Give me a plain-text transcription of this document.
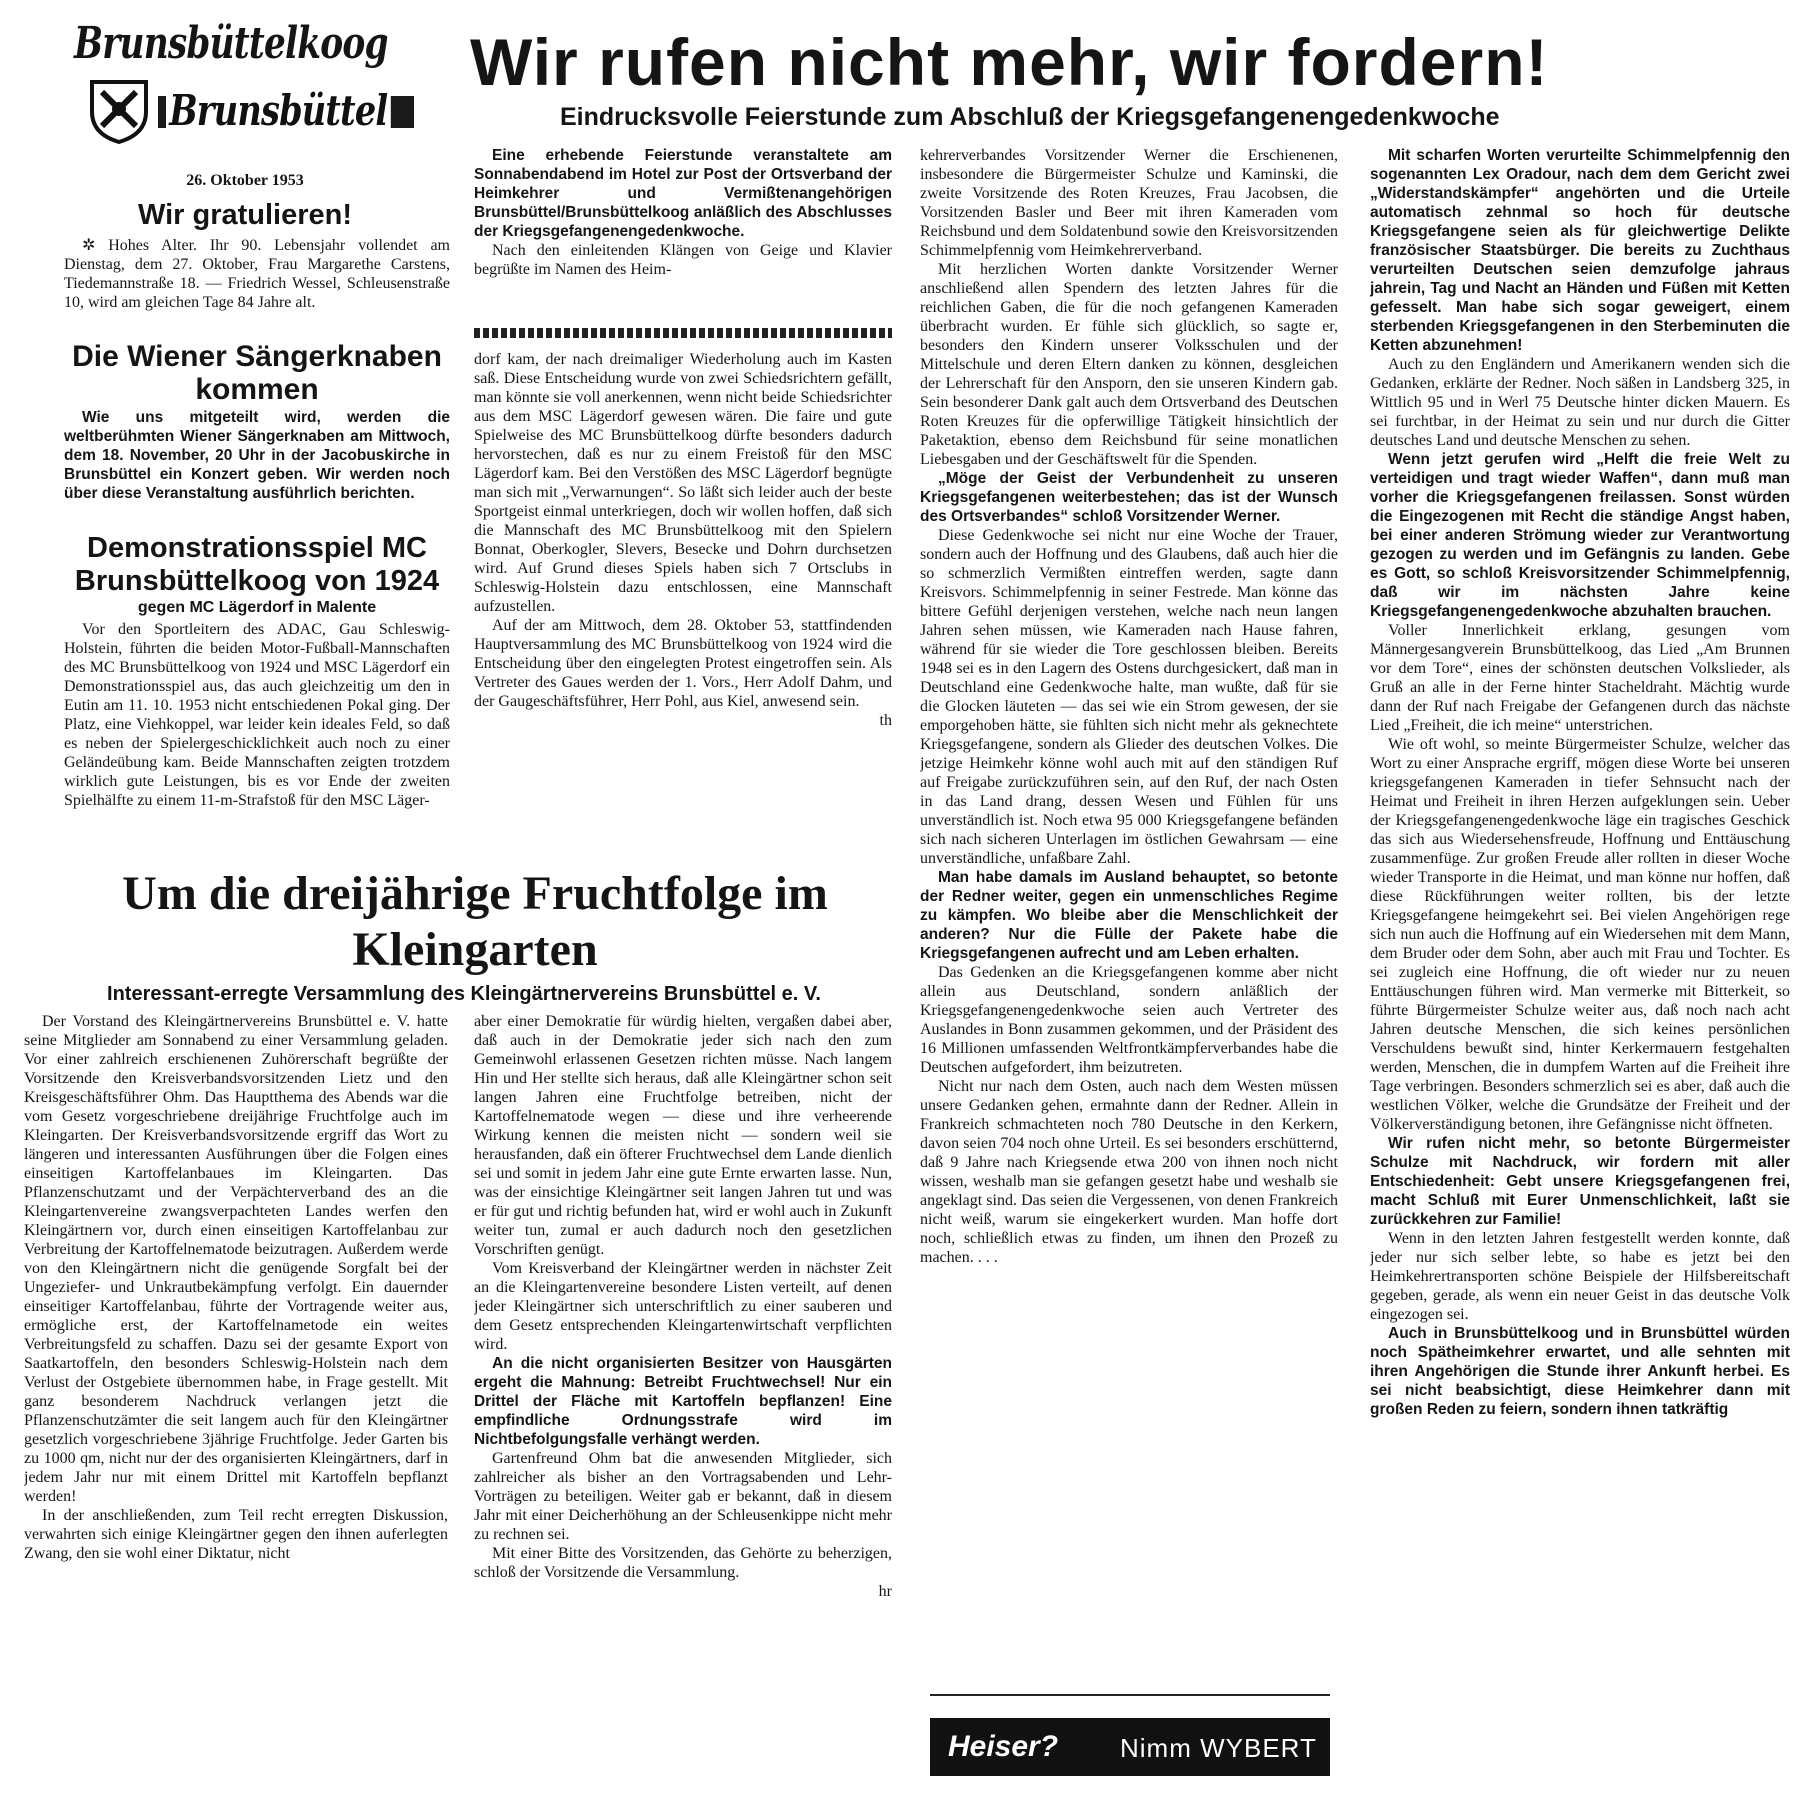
Brunsbüttelkoog
Brunsbüttel
26. Oktober 1953
Wir rufen nicht mehr, wir fordern!
Eindrucksvolle Feierstunde zum Abschluß der Kriegsgefangenengedenkwoche
Wir gratulieren!

✲ Hohes Alter. Ihr 90. Lebensjahr vollendet am Dienstag, dem 27. Oktober, Frau Margarethe Carstens, Tiedemannstraße 18. — Friedrich Wessel, Schleusenstraße 10, wird am gleichen Tage 84 Jahre alt.

Die Wiener Sängerknaben kommen

Wie uns mitgeteilt wird, werden die weltberühmten Wiener Sängerknaben am Mittwoch, dem 18. November, 20 Uhr in der Jacobuskirche in Brunsbüttel ein Konzert geben. Wir werden noch über diese Veranstaltung ausführlich berichten.

Demonstrationsspiel MC Brunsbüttelkoog von 1924
gegen MC Lägerdorf in Malente

Vor den Sportleitern des ADAC, Gau Schleswig-Holstein, führten die beiden Motor-Fußball-Mannschaften des MC Brunsbüttelkoog von 1924 und MSC Lägerdorf ein Demonstrationsspiel aus, das auch gleichzeitig um den in Eutin am 11. 10. 1953 nicht entschiedenen Pokal ging. Der Platz, eine Viehkoppel, war leider kein ideales Feld, so daß es neben der Spielergeschicklichkeit auch noch zu einer Geländeübung kam. Beide Mannschaften zeigten trotzdem wirklich gute Leistungen, bis es vor Ende der zweiten Spielhälfte zu einem 11-m-Strafstoß für den MSC Läger-

Eine erhebende Feierstunde veranstaltete am Sonnabendabend im Hotel zur Post der Ortsverband der Heimkehrer und Vermißtenangehörigen Brunsbüttel/Brunsbüttelkoog anläßlich des Abschlusses der Kriegsgefangenengedenkwoche.

Nach den einleitenden Klängen von Geige und Klavier begrüßte im Namen des Heim-

dorf kam, der nach dreimaliger Wiederholung auch im Kasten saß. Diese Entscheidung wurde von zwei Schiedsrichtern gefällt, man könnte sie voll anerkennen, wenn nicht beide Schiedsrichter aus dem MSC Lägerdorf gewesen wären. Die faire und gute Spielweise des MC Brunsbüttelkoog dürfte besonders dadurch hervorstechen, daß es nur zu einem Freistoß für den MSC Lägerdorf kam. Bei den Verstößen des MSC Lägerdorf begnügte man sich mit „Verwarnungen“. So läßt sich leider auch der beste Sportgeist einmal unterkriegen, doch wir wollen hoffen, daß sich die Mannschaft des MC Brunsbüttelkoog mit den Spielern Bonnat, Oberkogler, Slevers, Besecke und Dohrn durchsetzen wird. Auf Grund dieses Spiels haben sich 7 Ortsclubs in Schleswig-Holstein dazu entschlossen, eine Mannschaft aufzustellen.

Auf der am Mittwoch, dem 28. Oktober 53, stattfindenden Hauptversammlung des MC Brunsbüttelkoog von 1924 wird die Entscheidung über den eingelegten Protest eingetroffen sein. Als Vertreter des Gaues werden der 1. Vors., Herr Adolf Dahm, und der Gaugeschäftsführer, Herr Pohl, aus Kiel, anwesend sein.

th

Um die dreijährige Fruchtfolge im Kleingarten
Interessant-erregte Versammlung des Kleingärtnervereins Brunsbüttel e. V.

Der Vorstand des Kleingärtnervereins Brunsbüttel e. V. hatte seine Mitglieder am Sonnabend zu einer Versammlung geladen. Vor einer zahlreich erschienenen Zuhörerschaft begrüßte der Vorsitzende den Kreisverbandsvorsitzenden Lietz und den Kreisgeschäftsführer Ohm. Das Hauptthema des Abends war die vom Gesetz vorgeschriebene dreijährige Fruchtfolge auch im Kleingarten. Der Kreisverbandsvorsitzende ergriff das Wort zu längeren und interessanten Ausführungen über die Folgen eines einseitigen Kartoffelanbaues im Kleingarten. Das Pflanzenschutzamt und der Verpächterverband des an die Kleingartenvereine zwangsverpachteten Landes werfen den Kleingärtnern vor, durch einen einseitigen Kartoffelanbau zur Verbreitung der Kartoffelnematode beizutragen. Außerdem werde von den Kleingärtnern nicht die genügende Sorgfalt bei der Ungeziefer- und Unkrautbekämpfung verfolgt. Ein dauernder einseitiger Kartoffelanbau, führte der Vortragende weiter aus, ermögliche erst, der Kartoffelnametode ein weites Verbreitungsfeld zu schaffen. Dazu sei der gesamte Export von Saatkartoffeln, den besonders Schleswig-Holstein nach dem Verlust der Ostgebiete übernommen habe, in Frage gestellt. Mit ganz besonderem Nachdruck verlangen jetzt die Pflanzenschutzämter die seit langem auch für den Kleingärtner gesetzlich vorgeschriebene 3jährige Fruchtfolge. Jeder Garten bis zu 1000 qm, nicht nur der des organisierten Kleingärtners, darf in jedem Jahr nur mit einem Drittel mit Kartoffeln bepflanzt werden!

In der anschließenden, zum Teil recht erregten Diskussion, verwahrten sich einige Kleingärtner gegen den ihnen auferlegten Zwang, den sie wohl einer Diktatur, nicht

aber einer Demokratie für würdig hielten, vergaßen dabei aber, daß auch in der Demokratie jeder sich nach den zum Gemeinwohl erlassenen Gesetzen richten müsse. Nach langem Hin und Her stellte sich heraus, daß alle Kleingärtner schon seit langen Jahren eine Fruchtfolge betreiben, nicht der Kartoffelnematode wegen — diese und ihre verheerende Wirkung kennen die meisten nicht — sondern weil sie herausfanden, daß ein öfterer Fruchtwechsel dem Lande dienlich sei und somit in jedem Jahr eine gute Ernte erwarten lasse. Nun, was der einsichtige Kleingärtner seit langen Jahren tut und was er für gut und richtig befunden hat, wird er wohl auch in Zukunft weiter tun, zumal er auch dadurch noch den gesetzlichen Vorschriften genügt.

Vom Kreisverband der Kleingärtner werden in nächster Zeit an die Kleingartenvereine besondere Listen verteilt, auf denen jeder Kleingärtner sich unterschriftlich zu einer sauberen und dem Gesetz entsprechenden Kleingartenwirtschaft verpflichten wird.

An die nicht organisierten Besitzer von Hausgärten ergeht die Mahnung: Betreibt Fruchtwechsel! Nur ein Drittel der Fläche mit Kartoffeln bepflanzen! Eine empfindliche Ordnungsstrafe wird im Nichtbefolgungsfalle verhängt werden.

Gartenfreund Ohm bat die anwesenden Mitglieder, sich zahlreicher als bisher an den Vortragsabenden und Lehr-Vorträgen zu beteiligen. Weiter gab er bekannt, daß in diesem Jahr mit einer Deicherhöhung an der Schleusenkippe nicht mehr zu rechnen sei.

Mit einer Bitte des Vorsitzenden, das Gehörte zu beherzigen, schloß der Vorsitzende die Versammlung.

hr

kehrerverbandes Vorsitzender Werner die Erschienenen, insbesondere die Bürgermeister Schulze und Kaminski, die zweite Vorsitzende des Roten Kreuzes, Frau Jacobsen, die Vorsitzenden Basler und Beer mit ihren Kameraden vom Reichsbund und dem Soldatenbund sowie den Kreisvorsitzenden Schimmelpfennig vom Heimkehrerverband.

Mit herzlichen Worten dankte Vorsitzender Werner anschließend allen Spendern des letzten Jahres für die reichlichen Gaben, die für die noch gefangenen Kameraden überbracht wurden. Er fühle sich glücklich, so sagte er, besonders den Kindern unserer Volksschulen und der Mittelschule und deren Eltern danken zu können, desgleichen der Lehrerschaft für den Ansporn, den sie unseren Kindern gab. Sein besonderer Dank galt auch dem Ortsverband des Deutschen Roten Kreuzes für die opferwillige Tätigkeit hinsichtlich der Paketaktion, ebenso dem Reichsbund für seine monatlichen Liebesgaben und der Geschäftswelt für die Spenden.

„Möge der Geist der Verbundenheit zu unseren Kriegsgefangenen weiterbestehen; das ist der Wunsch des Ortsverbandes“ schloß Vorsitzender Werner.

Diese Gedenkwoche sei nicht nur eine Woche der Trauer, sondern auch der Hoffnung und des Glaubens, daß auch hier die so schmerzlich Vermißten eintreffen werden, sagte dann Kreisvors. Schimmelpfennig in seiner Festrede. Man könne das bittere Gefühl derjenigen verstehen, welche nach neun langen Jahren sehen müssen, wie Kameraden nach Hause fahren, während für sie wieder die Tore geschlossen bleiben. Bereits 1948 sei es in den Lagern des Ostens durchgesickert, daß man in Deutschland eine Gedenkwoche halte, man wußte, daß für sie die Glocken läuteten — das sei wie ein Strom gewesen, der sie emporgehoben hätte, sie fühlten sich nicht mehr als geknechtete Kriegsgefangene, sondern als Glieder des deutschen Volkes. Die jetzige Heimkehr könne wohl auch mit auf den ständigen Ruf auf Freigabe zurückzuführen sein, auf den Ruf, der nach Osten in das Land drang, dessen Wesen und Fühlen für uns unverständlich ist. Noch etwa 95 000 Kriegsgefangene befänden sich nach sicheren Unterlagen im östlichen Gewahrsam — eine unverständliche, unfaßbare Zahl.

Man habe damals im Ausland behauptet, so betonte der Redner weiter, gegen ein unmenschliches Regime zu kämpfen. Wo bleibe aber die Menschlichkeit der anderen? Nur die Fülle der Pakete habe die Kriegsgefangenen aufrecht und am Leben erhalten.

Das Gedenken an die Kriegsgefangenen komme aber nicht allein aus Deutschland, sondern anläßlich der Kriegsgefangenengedenkwoche seien auch Vertreter des Auslandes in Bonn zusammen gekommen, und der Präsident des 16 Millionen umfassenden Weltfrontkämpferverbandes habe die Deutschen aufgefordert, ihm beizutreten.

Nicht nur nach dem Osten, auch nach dem Westen müssen unsere Gedanken gehen, ermahnte dann der Redner. Allein in Frankreich schmachteten noch 780 Deutsche in den Kerkern, davon seien 704 noch ohne Urteil. Es sei besonders erschütternd, daß 9 Jahre nach Kriegsende etwa 200 von ihnen noch nicht wissen, weshalb man sie gefangen gesetzt habe und weshalb sie angeklagt sind. Das seien die Vergessenen, von denen Frankreich nicht weiß, warum sie eingekerkert wurden. Man hoffe dort noch, schließlich etwas zu finden, um ihnen den Prozeß zu machen. . . .

Heiser? Nimm WYBERT

Mit scharfen Worten verurteilte Schimmelpfennig den sogenannten Lex Oradour, nach dem dem Gericht zwei „Widerstandskämpfer“ angehörten und die Urteile automatisch zehnmal so hoch für deutsche Kriegsgefangene seien als für gleichwertige Delikte französischer Staatsbürger. Die bereits zu Zuchthaus verurteilten Deutschen seien demzufolge jahraus jahrein, Tag und Nacht an Händen und Füßen mit Ketten gefesselt. Man habe sich sogar geweigert, einem sterbenden Kriegsgefangenen in den Sterbeminuten die Ketten abzunehmen!

Auch zu den Engländern und Amerikanern wenden sich die Gedanken, erklärte der Redner. Noch säßen in Landsberg 325, in Wittlich 95 und in Werl 75 Deutsche hinter dicken Mauern. Es sei furchtbar, in der Heimat zu sein und nur durch die Gitter deutsches Land und deutsche Menschen zu sehen.

Wenn jetzt gerufen wird „Helft die freie Welt zu verteidigen und tragt wieder Waffen“, dann muß man vorher die Kriegsgefangenen freilassen. Sonst würden die Eingezogenen mit Recht die ständige Angst haben, bei einer anderen Strömung wieder zur Verantwortung gezogen zu werden und im Gefängnis zu landen. Gebe es Gott, so schloß Kreisvorsitzender Schimmelpfennig, daß wir im nächsten Jahre keine Kriegsgefangenengedenkwoche abzuhalten brauchen.

Voller Innerlichkeit erklang, gesungen vom Männergesangverein Brunsbüttelkoog, das Lied „Am Brunnen vor dem Tore“, eines der schönsten deutschen Volkslieder, als Gruß an alle in der Ferne hinter Stacheldraht. Mächtig wurde dann der Ruf nach Freigabe der Gefangenen durch das nächste Lied „Freiheit, die ich meine“ unterstrichen.

Wie oft wohl, so meinte Bürgermeister Schulze, welcher das Wort zu einer Ansprache ergriff, mögen diese Worte bei unseren kriegsgefangenen Kameraden in tiefer Sehnsucht nach der Heimat und Freiheit in ihren Herzen aufgeklungen sein. Ueber der Kriegsgefangenengedenkwoche läge ein tragisches Geschick das sich aus Wiedersehensfreude, Hoffnung und Enttäuschung zusammenfüge. Zur großen Freude aller rollten in dieser Woche wieder Transporte in die Heimat, und man könne nur hoffen, daß diese Rückführungen weiter rollten, bis der letzte Kriegsgefangene heimgekehrt sei. Bei vielen Angehörigen rege sich nun auch die Hoffnung auf ein Wiedersehen mit dem Mann, dem Bruder oder dem Sohn, aber auch mit Frau und Tochter. Es sei zugleich eine Hoffnung, die oft wieder nur zu neuen Enttäuschungen führen wird. Man vermerke mit Bitterkeit, so führte Bürgermeister Schulze weiter aus, daß noch nach acht Jahren deutsche Menschen, die sich keines persönlichen Verschuldens bewußt sind, hinter Kerkermauern festgehalten werden, Menschen, die in dumpfem Warten auf die Freiheit ihre Tage verbringen. Besonders schmerzlich sei es aber, daß auch die westlichen Völker, welche die Grundsätze der Freiheit und der Völkerverständigung betonen, ihre Gefängnisse nicht öffneten.

Wir rufen nicht mehr, so betonte Bürgermeister Schulze mit Nachdruck, wir fordern mit aller Entschiedenheit: Gebt unsere Kriegsgefangenen frei, macht Schluß mit Eurer Unmenschlichkeit, laßt sie zurückkehren zur Familie!

Wenn in den letzten Jahren festgestellt werden konnte, daß jeder nur sich selber lebte, so habe es jetzt bei den Heimkehrertransporten schöne Beispiele der Hilfsbereitschaft gegeben, gerade, als wenn ein neuer Geist in das deutsche Volk eingezogen sei.

Auch in Brunsbüttelkoog und in Brunsbüttel würden noch Spätheimkehrer erwartet, und alle sehnten mit ihren Angehörigen die Stunde ihrer Ankunft herbei. Es sei nicht beabsichtigt, diese Heimkehrer dann mit großen Reden zu feiern, sondern ihnen tatkräftig
